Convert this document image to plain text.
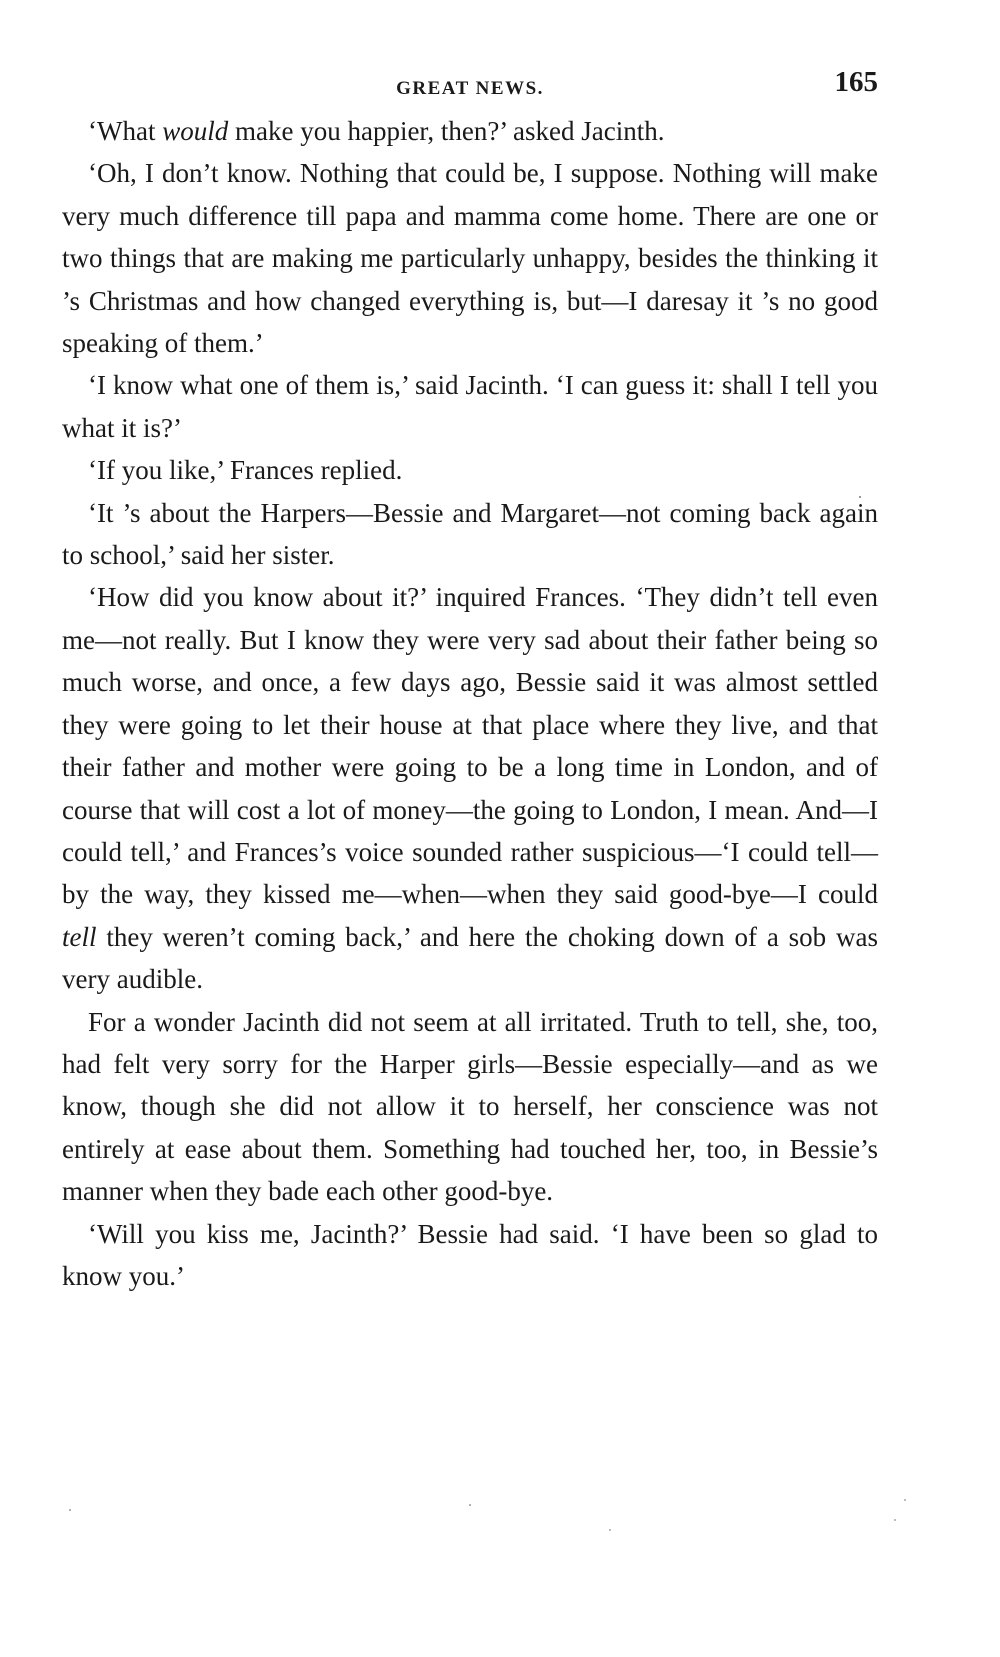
GREAT NEWS.	165

‘What would make you happier, then?’ asked Jacinth.

‘Oh, I don’t know. Nothing that could be, I suppose. Nothing will make very much difference till papa and mamma come home. There are one or two things that are making me particularly unhappy, besides the thinking it ’s Christmas and how changed everything is, but—I daresay it ’s no good speaking of them.’

‘I know what one of them is,’ said Jacinth. ‘I can guess it: shall I tell you what it is?’

‘If you like,’ Frances replied.

‘It ’s about the Harpers—Bessie and Margaret—not coming back again to school,’ said her sister.

‘How did you know about it?’ inquired Frances. ‘They didn’t tell even me—not really. But I know they were very sad about their father being so much worse, and once, a few days ago, Bessie said it was almost settled they were going to let their house at that place where they live, and that their father and mother were going to be a long time in London, and of course that will cost a lot of money—the going to London, I mean. And—I could tell,’ and Frances’s voice sounded rather suspicious—‘I could tell—by the way, they kissed me—when—when they said good-bye—I could tell they weren’t coming back,’ and here the choking down of a sob was very audible.

For a wonder Jacinth did not seem at all irritated. Truth to tell, she, too, had felt very sorry for the Harper girls—Bessie especially—and as we know, though she did not allow it to herself, her conscience was not entirely at ease about them. Something had touched her, too, in Bessie’s manner when they bade each other good-bye.

‘Will you kiss me, Jacinth?’ Bessie had said. ‘I have been so glad to know you.’
